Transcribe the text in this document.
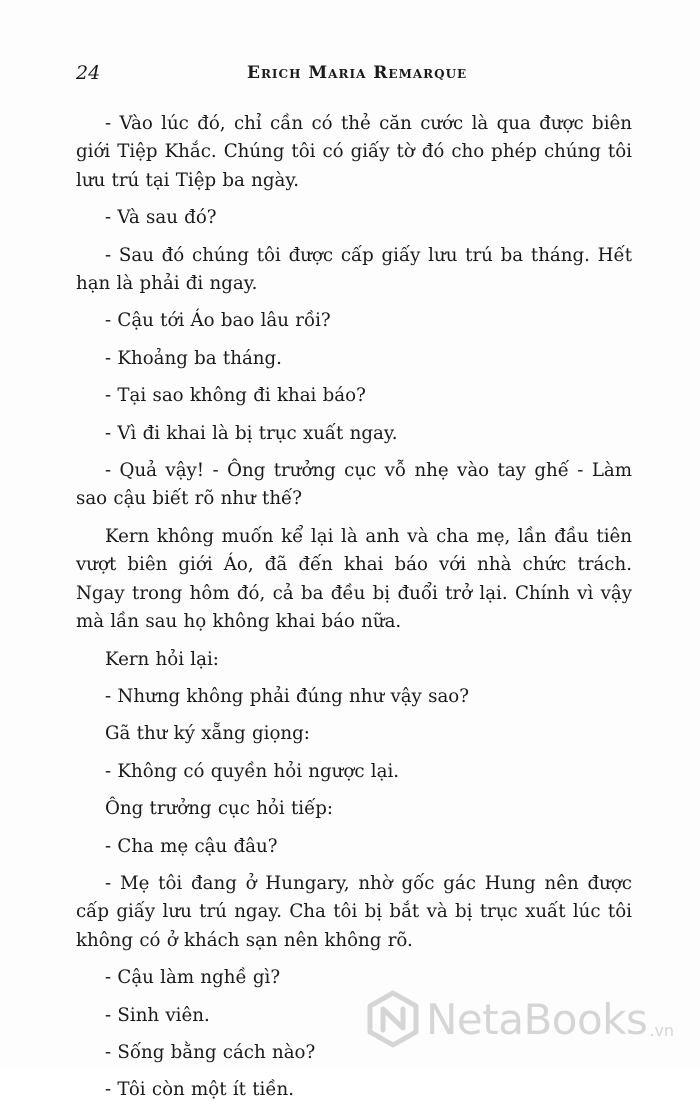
24	Erich Maria Remarque

- Vào lúc đó, chỉ cần có thẻ căn cước là qua được biên giới Tiệp Khắc. Chúng tôi có giấy tờ đó cho phép chúng tôi lưu trú tại Tiệp ba ngày.

- Và sau đó?

- Sau đó chúng tôi được cấp giấy lưu trú ba tháng. Hết hạn là phải đi ngay.

- Cậu tới Áo bao lâu rồi?

- Khoảng ba tháng.

- Tại sao không đi khai báo?

- Vì đi khai là bị trục xuất ngay.

- Quả vậy! - Ông trưởng cục vỗ nhẹ vào tay ghế - Làm sao cậu biết rõ như thế?

Kern không muốn kể lại là anh và cha mẹ, lần đầu tiên vượt biên giới Áo, đã đến khai báo với nhà chức trách. Ngay trong hôm đó, cả ba đều bị đuổi trở lại. Chính vì vậy mà lần sau họ không khai báo nữa.

Kern hỏi lại:

- Nhưng không phải đúng như vậy sao?

Gã thư ký xẵng giọng:

- Không có quyền hỏi ngược lại.

Ông trưởng cục hỏi tiếp:

- Cha mẹ cậu đâu?

- Mẹ tôi đang ở Hungary, nhờ gốc gác Hung nên được cấp giấy lưu trú ngay. Cha tôi bị bắt và bị trục xuất lúc tôi không có ở khách sạn nên không rõ.

- Cậu làm nghề gì?

- Sinh viên.

- Sống bằng cách nào?

- Tôi còn một ít tiền.

NetaBooks .vn
